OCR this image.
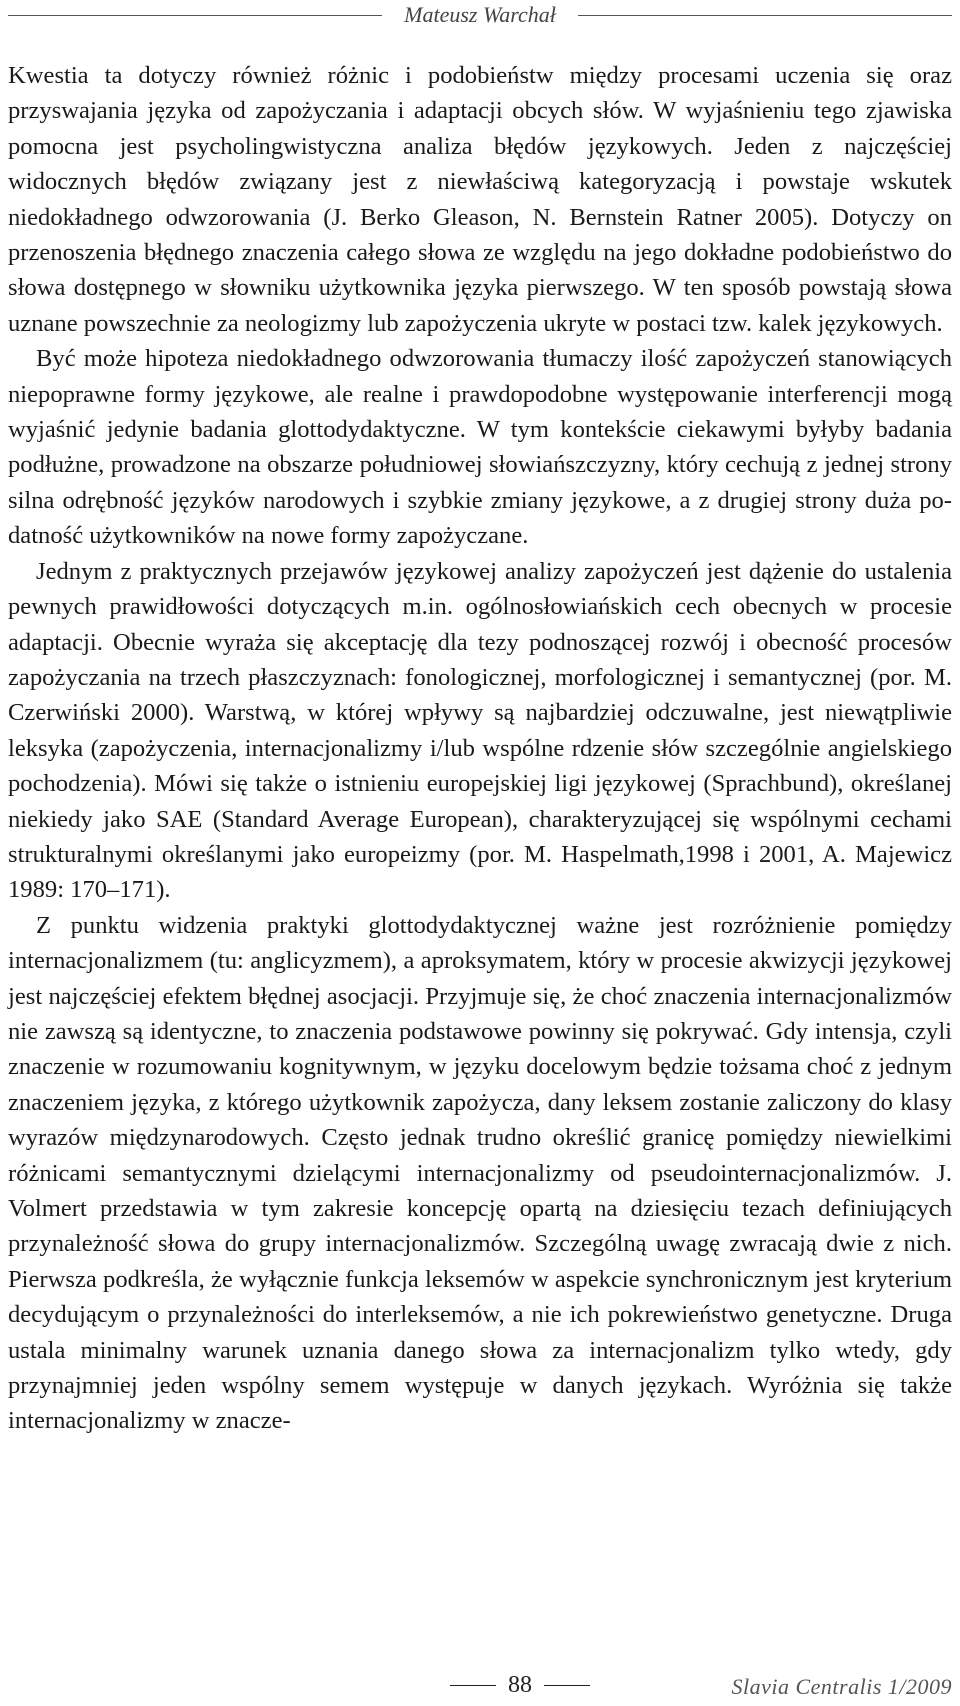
Mateusz Warchał

Kwestia ta dotyczy również różnic i podobieństw między procesami uczenia się oraz przyswajania języka od zapożyczania i adaptacji obcych słów. W wyjaśnieniu tego zjawiska pomocna jest psycholingwistyczna analiza błędów językowych. Jeden z najczęściej widocznych błędów związany jest z niewłaściwą kategoryzacją i powstaje wskutek niedokładnego odwzorowania (J. Berko Gleason, N. Bernstein Ratner 2005). Dotyczy on przenoszenia błędnego znaczenia całego słowa ze względu na jego dokładne podobieństwo do słowa dostępnego w słowniku użytkownika języka pierwszego. W ten sposób powstają słowa uznane powszechnie za neologizmy lub zapożyczenia ukryte w postaci tzw. kalek językowych.

Być może hipoteza niedokładnego odwzorowania tłumaczy ilość zapożyczeń stanowiących niepoprawne formy językowe, ale realne i prawdopodobne występowanie interferencji mogą wyjaśnić jedynie badania glottodydaktyczne. W tym kontekście ciekawymi byłyby badania podłużne, prowadzone na obszarze południowej słowiańszczyzny, który cechują z jednej strony silna odrębność języków narodowych i szybkie zmiany językowe, a z drugiej strony duża podatność użytkowników na nowe formy zapożyczane.

Jednym z praktycznych przejawów językowej analizy zapożyczeń jest dążenie do ustalenia pewnych prawidłowości dotyczących m.in. ogólnosłowiańskich cech obecnych w procesie adaptacji. Obecnie wyraża się akceptację dla tezy podnoszącej rozwój i obecność procesów zapożyczania na trzech płaszczyznach: fonologicznej, morfologicznej i semantycznej (por. M. Czerwiński 2000). Warstwą, w której wpływy są najbardziej odczuwalne, jest niewątpliwie leksyka (zapożyczenia, internacjonalizmy i/lub wspólne rdzenie słów szczególnie angielskiego pochodzenia). Mówi się także o istnieniu europejskiej ligi językowej (Sprachbund), określanej niekiedy jako SAE (Standard Average European), charakteryzującej się wspólnymi cechami strukturalnymi określanymi jako europeizmy (por. M. Haspelmath,1998 i 2001, A. Majewicz 1989: 170–171).

Z punktu widzenia praktyki glottodydaktycznej ważne jest rozróżnienie pomiędzy internacjonalizmem (tu: anglicyzmem), a aproksymatem, który w procesie akwizycji językowej jest najczęściej efektem błędnej asocjacji. Przyjmuje się, że choć znaczenia internacjonalizmów nie zawszą są identyczne, to znaczenia podstawowe powinny się pokrywać. Gdy intensja, czyli znaczenie w rozumowaniu kognitywnym, w języku docelowym będzie tożsama choć z jednym znaczeniem języka, z którego użytkownik zapożycza, dany leksem zostanie zaliczony do klasy wyrazów międzynarodowych. Często jednak trudno określić granicę pomiędzy niewielkimi różnicami semantycznymi dzielącymi internacjonalizmy od pseudointernacjonalizmów. J. Volmert przedstawia w tym zakresie koncepcję opartą na dziesięciu tezach definiujących przynależność słowa do grupy internacjonalizmów. Szczególną uwagę zwracają dwie z nich. Pierwsza podkreśla, że wyłącznie funkcja leksemów w aspekcie synchronicznym jest kryterium decydującym o przynależności do interleksemów, a nie ich pokrewieństwo genetyczne. Druga ustala minimalny warunek uznania danego słowa za internacjonalizm tylko wtedy, gdy przynajmniej jeden wspólny semem występuje w danych językach. Wyróżnia się także internacjonalizmy w znacze-

88	Slavia Centralis 1/2009
